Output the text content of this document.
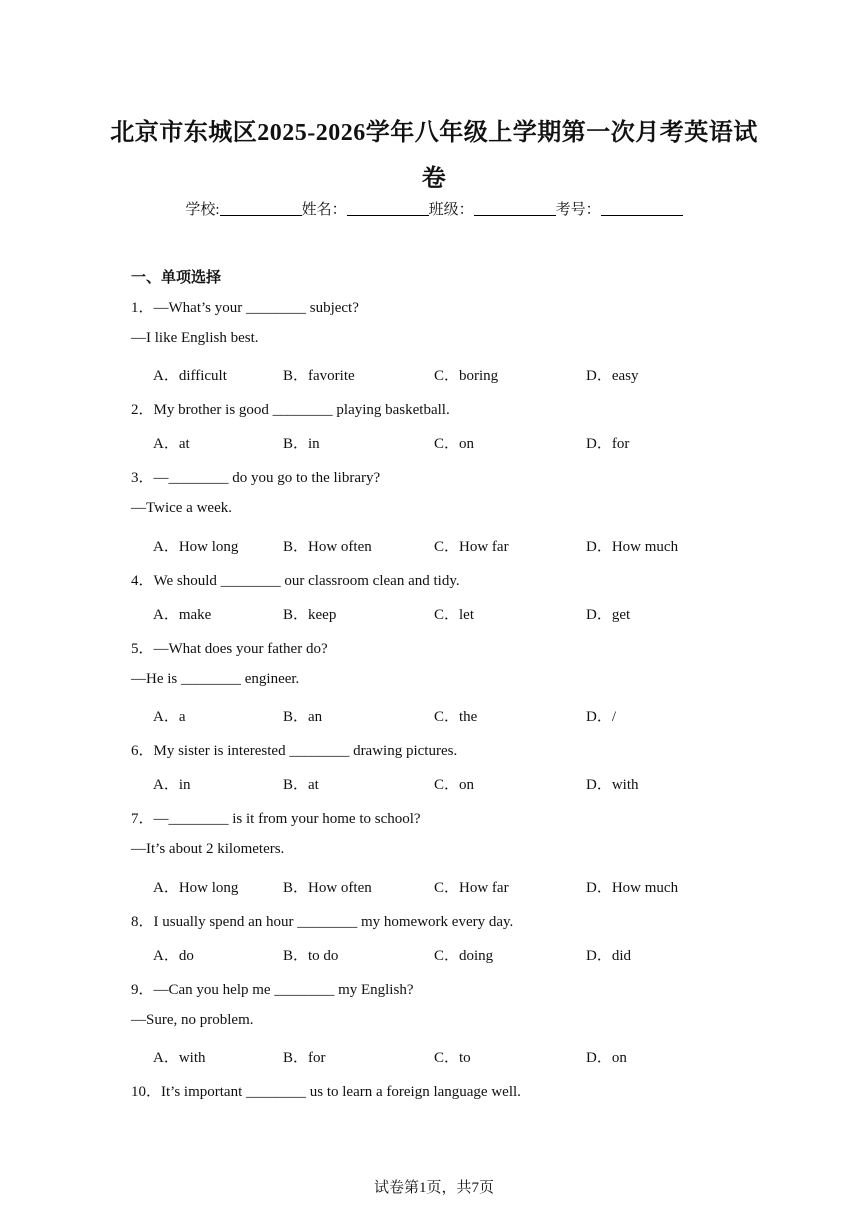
北京市东城区2025-2026学年八年级上学期第一次月考英语试
卷
学校:	姓名：	班级：	考号：
一、单项选择
1．—What’s your ________ subject?
—I like English best.
A．difficult	B．favorite	C．boring	D．easy
2．My brother is good ________ playing basketball.
A．at	B．in	C．on	D．for
3．—________ do you go to the library?
—Twice a week.
A．How long	B．How often	C．How far	D．How much
4．We should ________ our classroom clean and tidy.
A．make	B．keep	C．let	D．get
5．—What does your father do?
—He is ________ engineer.
A．a	B．an	C．the	D．/
6．My sister is interested ________ drawing pictures.
A．in	B．at	C．on	D．with
7．—________ is it from your home to school?
—It’s about 2 kilometers.
A．How long	B．How often	C．How far	D．How much
8．I usually spend an hour ________ my homework every day.
A．do	B．to do	C．doing	D．did
9．—Can you help me ________ my English?
—Sure, no problem.
A．with	B．for	C．to	D．on
10．It’s important ________ us to learn a foreign language well.
试卷第1页，共7页
